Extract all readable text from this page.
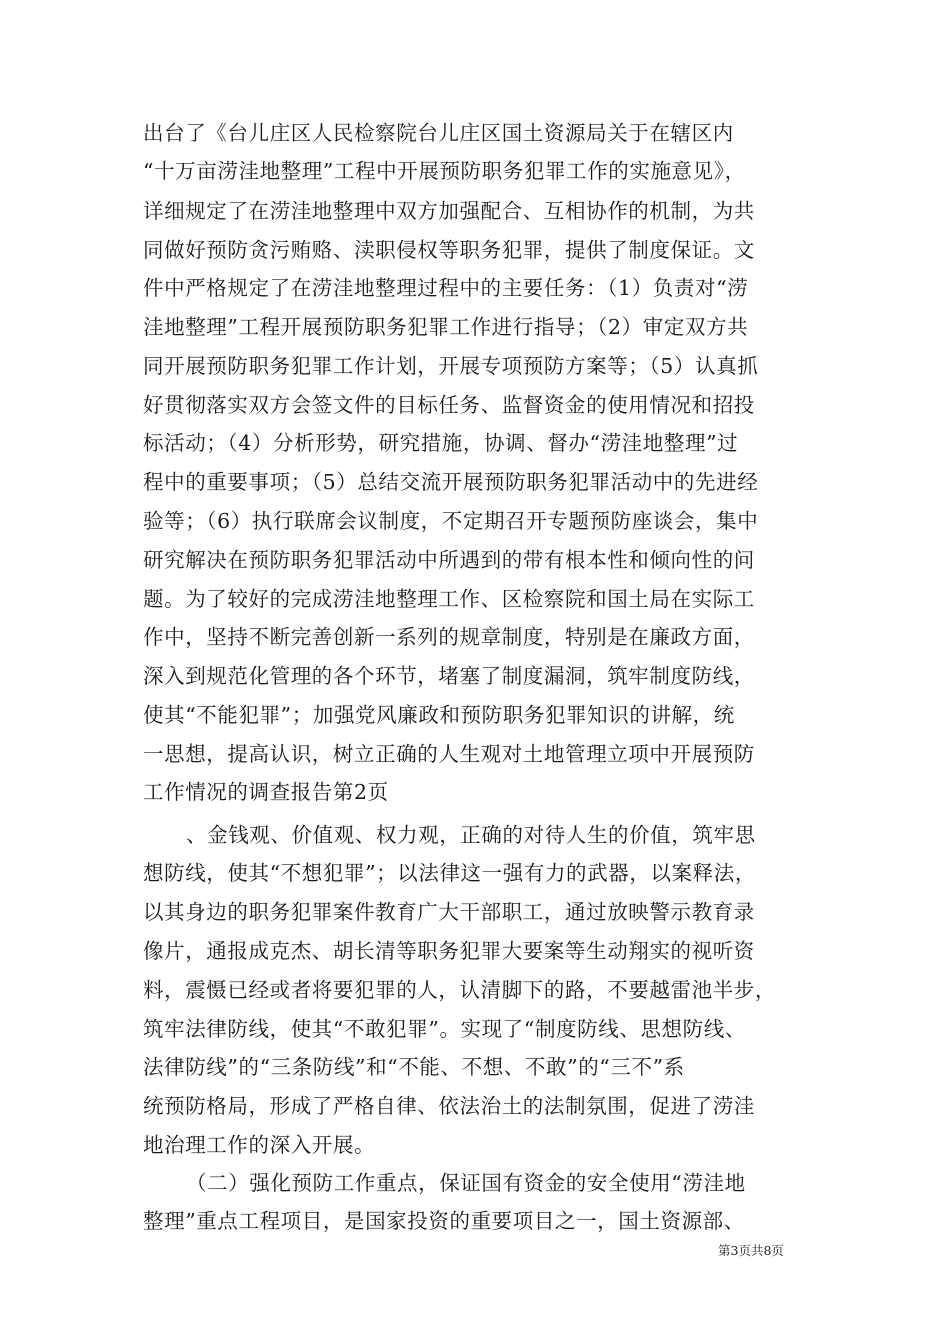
出台了《台儿庄区人民检察院台儿庄区国土资源局关于在辖区内
“十万亩涝洼地整理”工程中开展预防职务犯罪工作的实施意见》，
详细规定了在涝洼地整理中双方加强配合、互相协作的机制，为共
同做好预防贪污贿赂、渎职侵权等职务犯罪，提供了制度保证。文
件中严格规定了在涝洼地整理过程中的主要任务：（1）负责对“涝
洼地整理”工程开展预防职务犯罪工作进行指导；（2）审定双方共
同开展预防职务犯罪工作计划，开展专项预防方案等；（5）认真抓
好贯彻落实双方会签文件的目标任务、监督资金的使用情况和招投
标活动；（4）分析形势，研究措施，协调、督办“涝洼地整理”过
程中的重要事项；（5）总结交流开展预防职务犯罪活动中的先进经
验等；（6）执行联席会议制度，不定期召开专题预防座谈会，集中
研究解决在预防职务犯罪活动中所遇到的带有根本性和倾向性的问
题。为了较好的完成涝洼地整理工作、区检察院和国土局在实际工
作中，坚持不断完善创新一系列的规章制度，特别是在廉政方面，
深入到规范化管理的各个环节，堵塞了制度漏洞，筑牢制度防线，
使其“不能犯罪”；加强党风廉政和预防职务犯罪知识的讲解，统
一思想，提高认识，树立正确的人生观对土地管理立项中开展预防
工作情况的调查报告第2页
、金钱观、价值观、权力观，正确的对待人生的价值，筑牢思
想防线，使其“不想犯罪”；以法律这一强有力的武器，以案释法，
以其身边的职务犯罪案件教育广大干部职工，通过放映警示教育录
像片，通报成克杰、胡长清等职务犯罪大要案等生动翔实的视听资
料，震慑已经或者将要犯罪的人，认清脚下的路，不要越雷池半步，
筑牢法律防线，使其“不敢犯罪”。实现了“制度防线、思想防线、
法律防线”的“三条防线”和“不能、不想、不敢”的“三不”系
统预防格局，形成了严格自律、依法治土的法制氛围，促进了涝洼
地治理工作的深入开展。
（二）强化预防工作重点，保证国有资金的安全使用“涝洼地
整理”重点工程项目，是国家投资的重要项目之一，国土资源部、
第3页共8页
